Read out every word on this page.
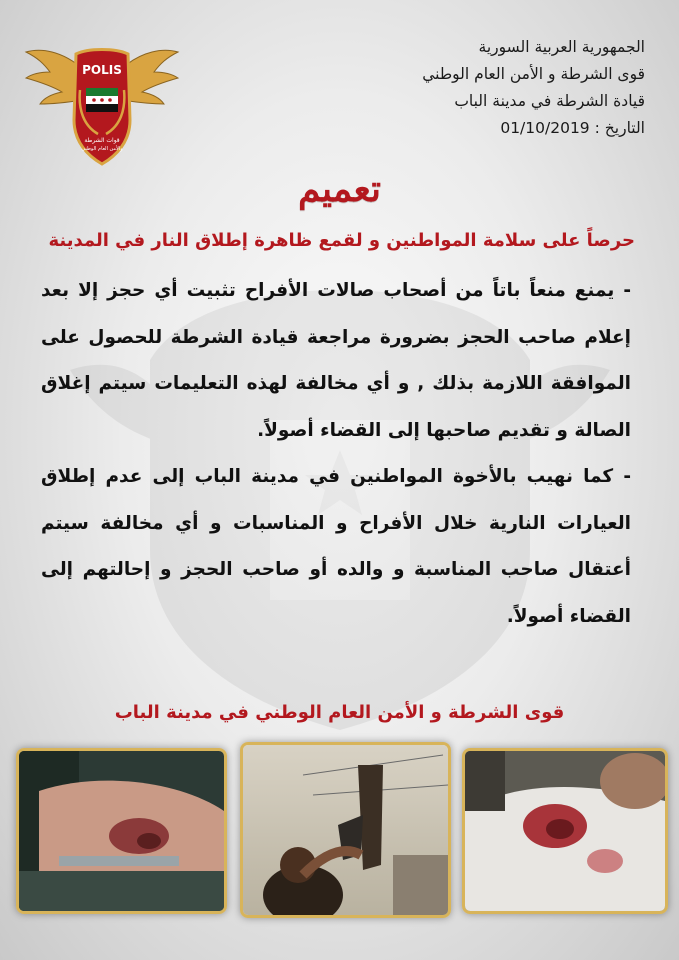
POLIS
قوات الشرطة
والأمن العام الوطني
الجمهورية العربية السورية
قوى الشرطة و الأمن العام الوطني
قيادة الشرطة في مدينة الباب
التاريخ : 01/10/2019
تعميم
حرصاً على سلامة المواطنين و لقمع ظاهرة إطلاق النار في المدينة

- يمنع منعاً باتاً من أصحاب صالات الأفراح تثبيت أي حجز إلا بعد إعلام صاحب الحجز بضرورة مراجعة قيادة الشرطة للحصول على الموافقة اللازمة بذلك , و أي مخالفة لهذه التعليمات سيتم إغلاق الصالة و تقديم صاحبها إلى القضاء أصولاً.

- كما نهيب بالأخوة المواطنين في مدينة الباب إلى عدم إطلاق العيارات النارية خلال الأفراح و المناسبات و أي مخالفة سيتم أعتقال صاحب المناسبة و والده أو صاحب الحجز و إحالتهم إلى القضاء أصولاً.

قوى الشرطة و الأمن العام الوطني في مدينة الباب
